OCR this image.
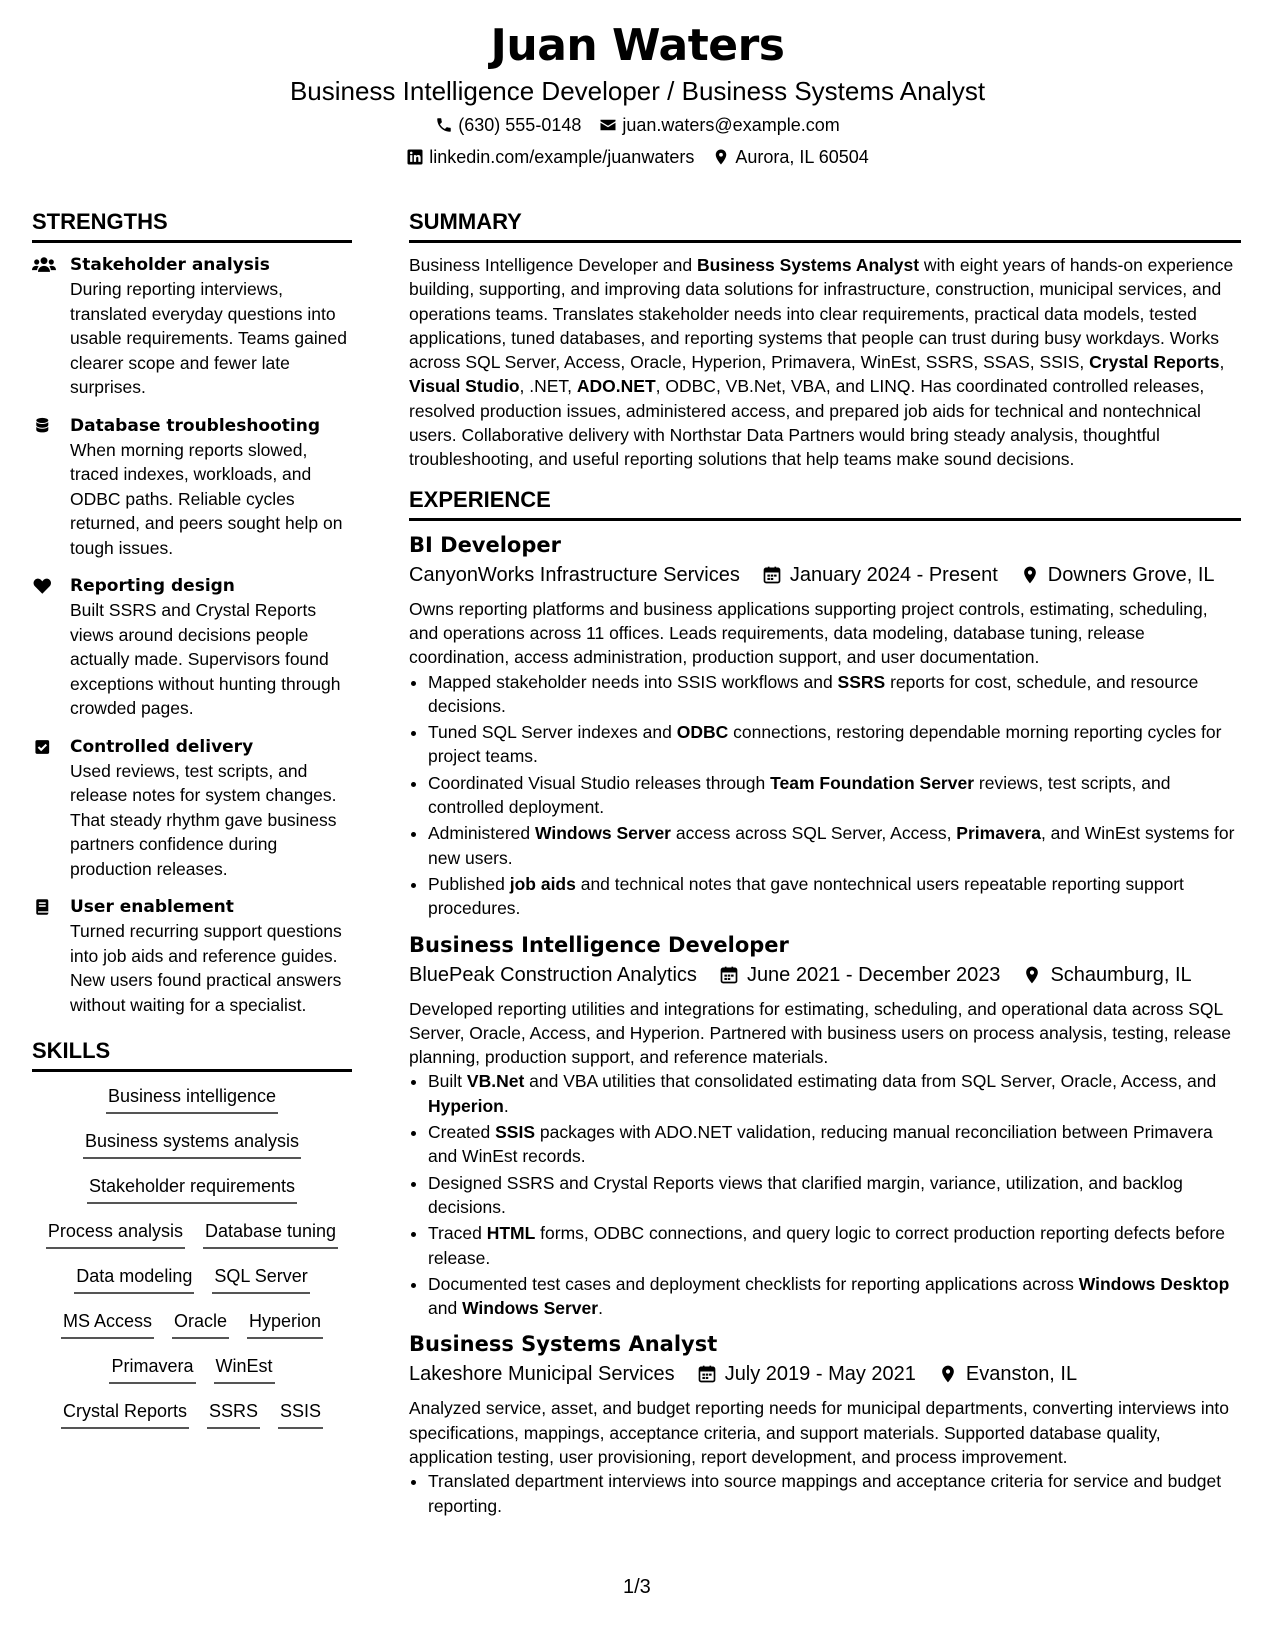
Juan Waters
Business Intelligence Developer / Business Systems Analyst
(630) 555-0148 juan.waters@example.com
linkedin.com/example/juanwaters Aurora, IL 60504
STRENGTHS
Stakeholder analysis
During reporting interviews, translated everyday questions into usable requirements. Teams gained clearer scope and fewer late surprises.
Database troubleshooting
When morning reports slowed, traced indexes, workloads, and ODBC paths. Reliable cycles returned, and peers sought help on tough issues.
Reporting design
Built SSRS and Crystal Reports views around decisions people actually made. Supervisors found exceptions without hunting through crowded pages.
Controlled delivery
Used reviews, test scripts, and release notes for system changes. That steady rhythm gave business partners confidence during production releases.
User enablement
Turned recurring support questions into job aids and reference guides. New users found practical answers without waiting for a specialist.
SKILLS
Business intelligence
Business systems analysis
Stakeholder requirements
Process analysis Database tuning
Data modeling SQL Server
MS Access Oracle Hyperion
Primavera WinEst
Crystal Reports SSRS SSIS
SUMMARY

Business Intelligence Developer and Business Systems Analyst with eight years of hands-on experience building, supporting, and improving data solutions for infrastructure, construction, municipal services, and operations teams. Translates stakeholder needs into clear requirements, practical data models, tested applications, tuned databases, and reporting systems that people can trust during busy workdays. Works across SQL Server, Access, Oracle, Hyperion, Primavera, WinEst, SSRS, SSAS, SSIS, Crystal Reports, Visual Studio, .NET, ADO.NET, ODBC, VB.Net, VBA, and LINQ. Has coordinated controlled releases, resolved production issues, administered access, and prepared job aids for technical and nontechnical users. Collaborative delivery with Northstar Data Partners would bring steady analysis, thoughtful troubleshooting, and useful reporting solutions that help teams make sound decisions.

EXPERIENCE
BI Developer
CanyonWorks Infrastructure Services	January 2024 - Present	Downers Grove, IL
Owns reporting platforms and business applications supporting project controls, estimating, scheduling, and operations across 11 offices. Leads requirements, data modeling, database tuning, release coordination, access administration, production support, and user documentation.
• Mapped stakeholder needs into SSIS workflows and SSRS reports for cost, schedule, and resource decisions.
• Tuned SQL Server indexes and ODBC connections, restoring dependable morning reporting cycles for project teams.
• Coordinated Visual Studio releases through Team Foundation Server reviews, test scripts, and controlled deployment.
• Administered Windows Server access across SQL Server, Access, Primavera, and WinEst systems for new users.
• Published job aids and technical notes that gave nontechnical users repeatable reporting support procedures.
Business Intelligence Developer
BluePeak Construction Analytics	June 2021 - December 2023	Schaumburg, IL
Developed reporting utilities and integrations for estimating, scheduling, and operational data across SQL Server, Oracle, Access, and Hyperion. Partnered with business users on process analysis, testing, release planning, production support, and reference materials.
• Built VB.Net and VBA utilities that consolidated estimating data from SQL Server, Oracle, Access, and Hyperion.
• Created SSIS packages with ADO.NET validation, reducing manual reconciliation between Primavera and WinEst records.
• Designed SSRS and Crystal Reports views that clarified margin, variance, utilization, and backlog decisions.
• Traced HTML forms, ODBC connections, and query logic to correct production reporting defects before release.
• Documented test cases and deployment checklists for reporting applications across Windows Desktop and Windows Server.
Business Systems Analyst
Lakeshore Municipal Services	July 2019 - May 2021	Evanston, IL
Analyzed service, asset, and budget reporting needs for municipal departments, converting interviews into specifications, mappings, acceptance criteria, and support materials. Supported database quality, application testing, user provisioning, report development, and process improvement.
• Translated department interviews into source mappings and acceptance criteria for service and budget reporting.
1/3
